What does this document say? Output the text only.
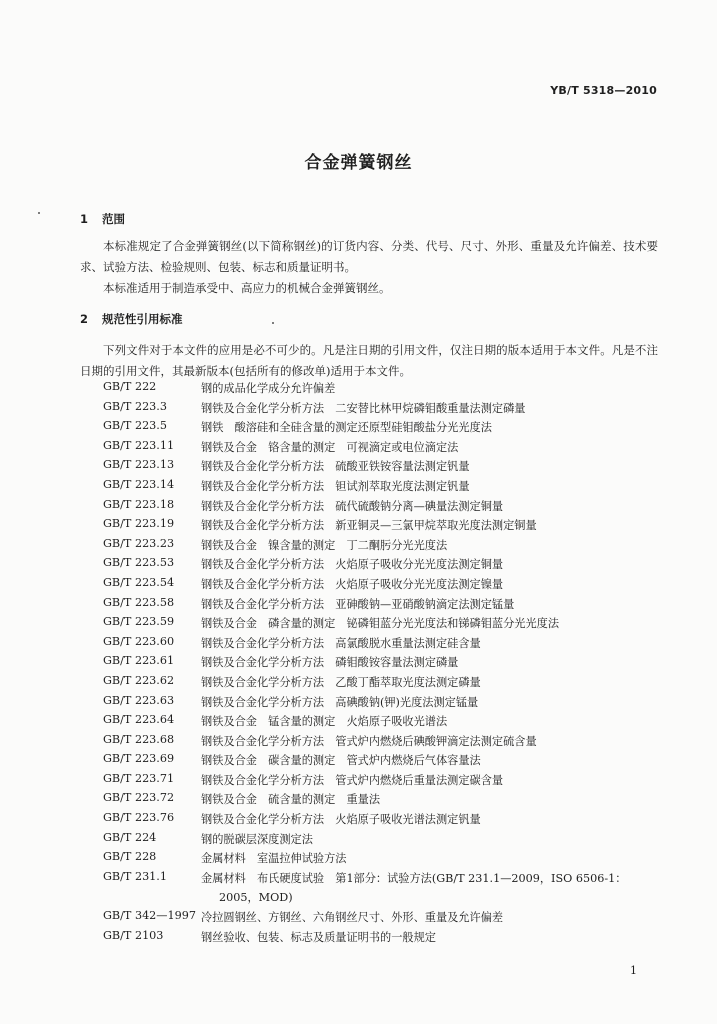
YB/T 5318—2010
合金弹簧钢丝
1 范围
本标准规定了合金弹簧钢丝(以下简称钢丝)的订货内容、分类、代号、尺寸、外形、重量及允许偏差、技术要求、试验方法、检验规则、包装、标志和质量证明书。
本标准适用于制造承受中、高应力的机械合金弹簧钢丝。
2 规范性引用标准
下列文件对于本文件的应用是必不可少的。凡是注日期的引用文件，仅注日期的版本适用于本文件。凡是不注日期的引用文件，其最新版本(包括所有的修改单)适用于本文件。
GB/T 222	钢的成品化学成分允许偏差
GB/T 223.3	钢铁及合金化学分析方法　二安替比林甲烷磷钼酸重量法测定磷量
GB/T 223.5	钢铁　酸溶硅和全硅含量的测定还原型硅钼酸盐分光光度法
GB/T 223.11	钢铁及合金　铬含量的测定　可视滴定或电位滴定法
GB/T 223.13	钢铁及合金化学分析方法　硫酸亚铁铵容量法测定钒量
GB/T 223.14	钢铁及合金化学分析方法　钽试剂萃取光度法测定钒量
GB/T 223.18	钢铁及合金化学分析方法　硫代硫酸钠分离—碘量法测定铜量
GB/T 223.19	钢铁及合金化学分析方法　新亚铜灵—三氯甲烷萃取光度法测定铜量
GB/T 223.23	钢铁及合金　镍含量的测定　丁二酮肟分光光度法
GB/T 223.53	钢铁及合金化学分析方法　火焰原子吸收分光光度法测定铜量
GB/T 223.54	钢铁及合金化学分析方法　火焰原子吸收分光光度法测定镍量
GB/T 223.58	钢铁及合金化学分析方法　亚砷酸钠—亚硝酸钠滴定法测定锰量
GB/T 223.59	钢铁及合金　磷含量的测定　铋磷钼蓝分光光度法和锑磷钼蓝分光光度法
GB/T 223.60	钢铁及合金化学分析方法　高氯酸脱水重量法测定硅含量
GB/T 223.61	钢铁及合金化学分析方法　磷钼酸铵容量法测定磷量
GB/T 223.62	钢铁及合金化学分析方法　乙酸丁酯萃取光度法测定磷量
GB/T 223.63	钢铁及合金化学分析方法　高碘酸钠(钾)光度法测定锰量
GB/T 223.64	钢铁及合金　锰含量的测定　火焰原子吸收光谱法
GB/T 223.68	钢铁及合金化学分析方法　管式炉内燃烧后碘酸钾滴定法测定硫含量
GB/T 223.69	钢铁及合金　碳含量的测定　管式炉内燃烧后气体容量法
GB/T 223.71	钢铁及合金化学分析方法　管式炉内燃烧后重量法测定碳含量
GB/T 223.72	钢铁及合金　硫含量的测定　重量法
GB/T 223.76	钢铁及合金化学分析方法　火焰原子吸收光谱法测定钒量
GB/T 224	钢的脱碳层深度测定法
GB/T 228	金属材料　室温拉伸试验方法
GB/T 231.1	金属材料　布氏硬度试验　第1部分：试验方法(GB/T 231.1—2009，ISO 6506-1：
2005，MOD)
GB/T 342—1997 冷拉圆钢丝、方钢丝、六角钢丝尺寸、外形、重量及允许偏差
GB/T 2103	钢丝验收、包装、标志及质量证明书的一般规定
1
